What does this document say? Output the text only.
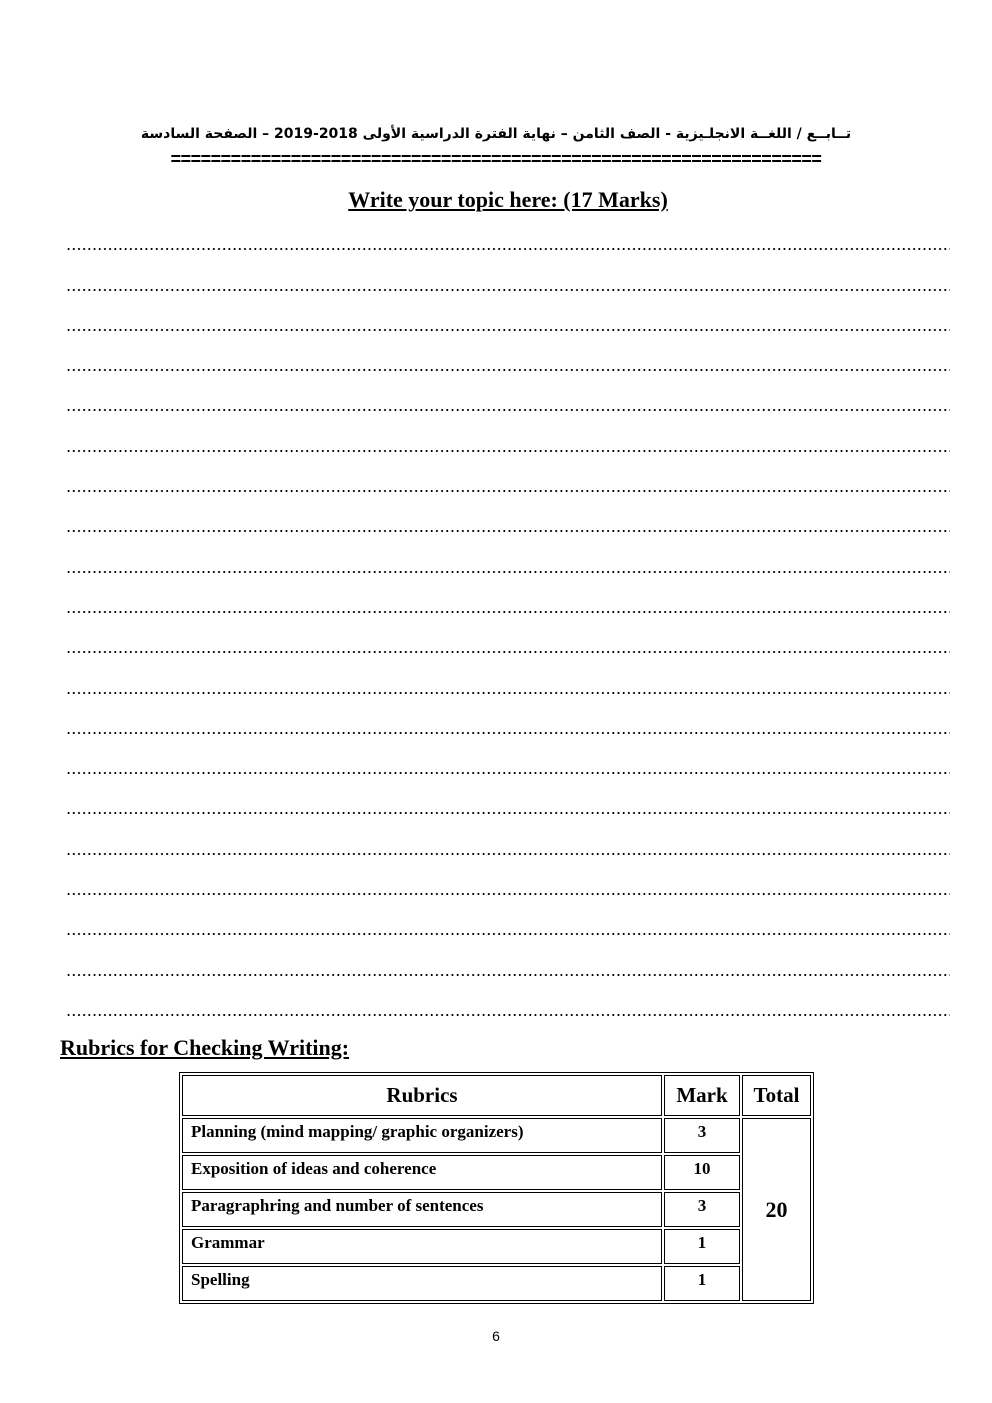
تــابــع / اللغــة الانجلـيزية - الصف الثامن – نهاية الفترة الدراسية الأولى 2018-2019 – الصفحة السادسة
=================================================================
Write your topic here: (17 Marks)
Rubrics for Checking Writing:
Rubrics	Mark	Total

Planning (mind mapping/ graphic organizers)	3	20

Exposition of ideas and coherence	10	

Paragraphring and number of sentences	3	

Grammar	1	

Spelling	1	
6
